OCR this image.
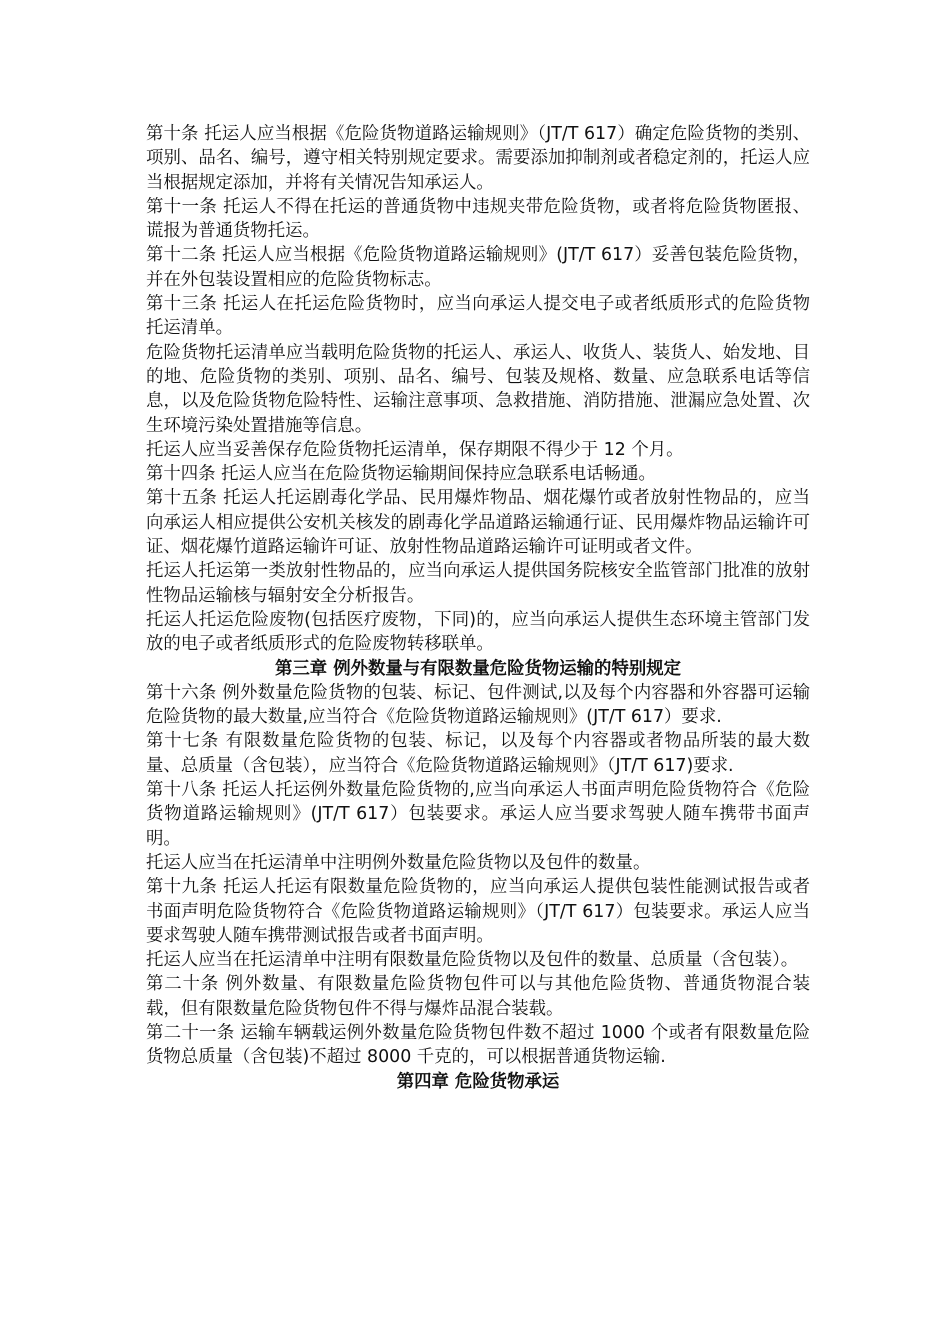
第十条 托运人应当根据《危险货物道路运输规则》（JT/T 617）确定危险货物的类别、项别、品名、编号，遵守相关特别规定要求。需要添加抑制剂或者稳定剂的，托运人应当根据规定添加，并将有关情况告知承运人。

第十一条 托运人不得在托运的普通货物中违规夹带危险货物，或者将危险货物匿报、谎报为普通货物托运。

第十二条 托运人应当根据《危险货物道路运输规则》(JT/T 617）妥善包装危险货物，并在外包装设置相应的危险货物标志。

第十三条 托运人在托运危险货物时，应当向承运人提交电子或者纸质形式的危险货物托运清单。

危险货物托运清单应当载明危险货物的托运人、承运人、收货人、装货人、始发地、目的地、危险货物的类别、项别、品名、编号、包装及规格、数量、应急联系电话等信息，以及危险货物危险特性、运输注意事项、急救措施、消防措施、泄漏应急处置、次生环境污染处置措施等信息。

托运人应当妥善保存危险货物托运清单，保存期限不得少于 12 个月。

第十四条 托运人应当在危险货物运输期间保持应急联系电话畅通。

第十五条 托运人托运剧毒化学品、民用爆炸物品、烟花爆竹或者放射性物品的，应当向承运人相应提供公安机关核发的剧毒化学品道路运输通行证、民用爆炸物品运输许可证、烟花爆竹道路运输许可证、放射性物品道路运输许可证明或者文件。

托运人托运第一类放射性物品的，应当向承运人提供国务院核安全监管部门批准的放射性物品运输核与辐射安全分析报告。

托运人托运危险废物(包括医疗废物，下同)的，应当向承运人提供生态环境主管部门发放的电子或者纸质形式的危险废物转移联单。

第三章 例外数量与有限数量危险货物运输的特别规定

第十六条 例外数量危险货物的包装、标记、包件测试,以及每个内容器和外容器可运输危险货物的最大数量,应当符合《危险货物道路运输规则》(JT/T 617）要求.

第十七条 有限数量危险货物的包装、标记，以及每个内容器或者物品所装的最大数量、总质量（含包装），应当符合《危险货物道路运输规则》（JT/T 617)要求.

第十八条 托运人托运例外数量危险货物的,应当向承运人书面声明危险货物符合《危险货物道路运输规则》(JT/T 617）包装要求。承运人应当要求驾驶人随车携带书面声明。

托运人应当在托运清单中注明例外数量危险货物以及包件的数量。

第十九条 托运人托运有限数量危险货物的，应当向承运人提供包装性能测试报告或者书面声明危险货物符合《危险货物道路运输规则》（JT/T 617）包装要求。承运人应当要求驾驶人随车携带测试报告或者书面声明。

托运人应当在托运清单中注明有限数量危险货物以及包件的数量、总质量（含包装）。

第二十条 例外数量、有限数量危险货物包件可以与其他危险货物、普通货物混合装载，但有限数量危险货物包件不得与爆炸品混合装载。

第二十一条 运输车辆载运例外数量危险货物包件数不超过 1000 个或者有限数量危险货物总质量（含包装)不超过 8000 千克的，可以根据普通货物运输.

第四章 危险货物承运
